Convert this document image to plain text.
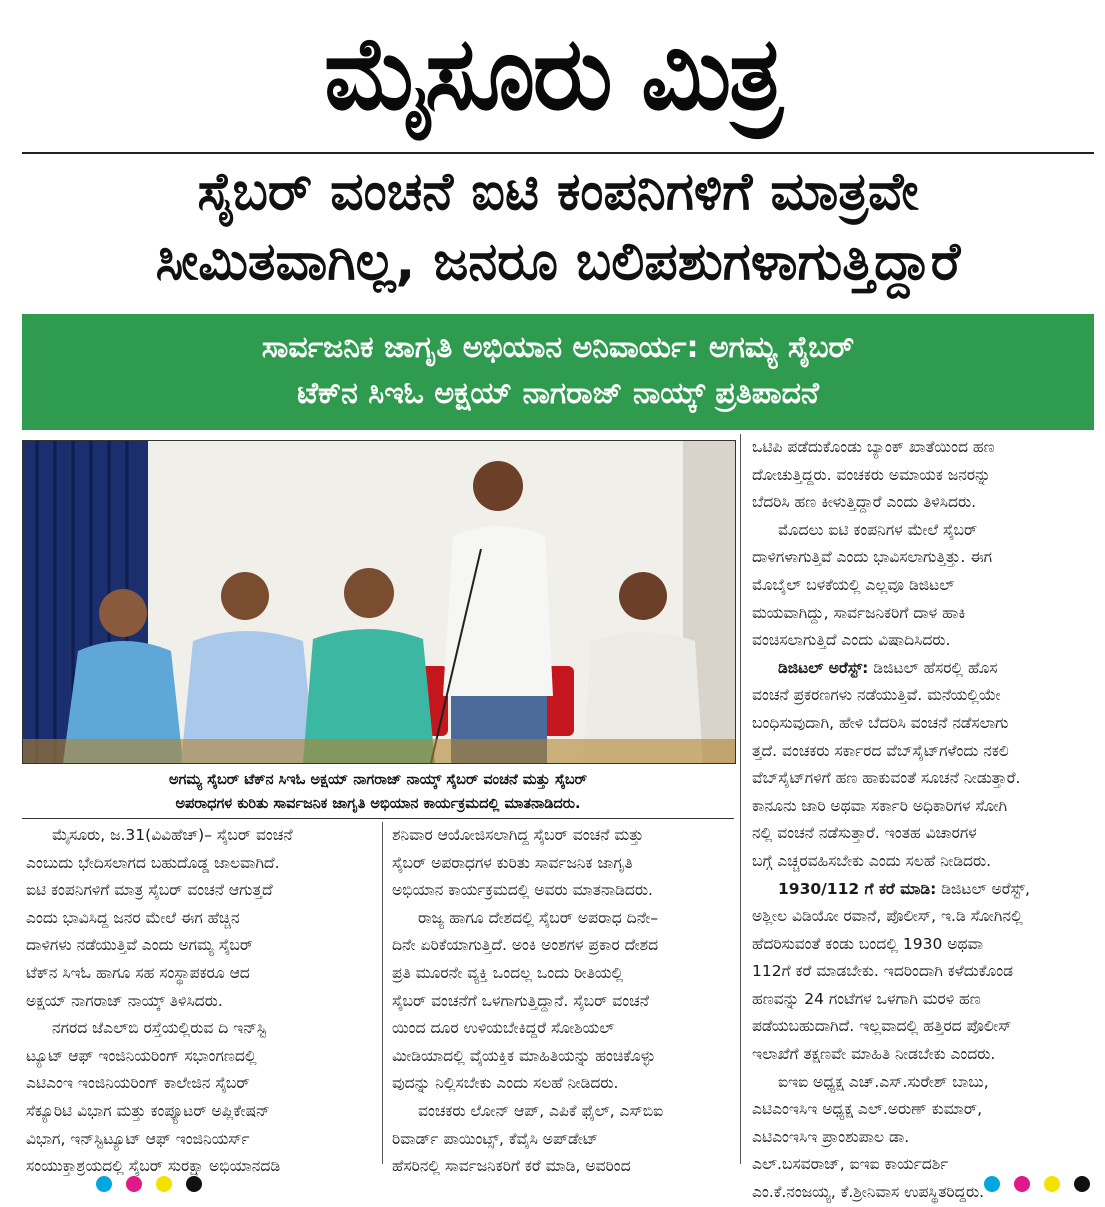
ಮೈಸೂರು ಮಿತ್ರ
ಸೈಬರ್ ವಂಚನೆ ಐಟಿ ಕಂಪನಿಗಳಿಗೆ ಮಾತ್ರವೇ
ಸೀಮಿತವಾಗಿಲ್ಲ, ಜನರೂ ಬಲಿಪಶುಗಳಾಗುತ್ತಿದ್ದಾರೆ
ಸಾರ್ವಜನಿಕ ಜಾಗೃತಿ ಅಭಿಯಾನ ಅನಿವಾರ್ಯ: ಅಗಮ್ಯ ಸೈಬರ್
ಟೆಕ್‌ನ ಸಿಇಓ ಅಕ್ಷಯ್ ನಾಗರಾಜ್ ನಾಯ್ಕ್ ಪ್ರತಿಪಾದನೆ
ಅಗಮ್ಯ ಸೈಬರ್ ಟೆಕ್‌ನ ಸಿಇಓ ಅಕ್ಷಯ್ ನಾಗರಾಜ್ ನಾಯ್ಕ್ ಸೈಬರ್ ವಂಚನೆ ಮತ್ತು ಸೈಬರ್
ಅಪರಾಧಗಳ ಕುರಿತು ಸಾರ್ವಜನಿಕ ಜಾಗೃತಿ ಅಭಿಯಾನ ಕಾರ್ಯಕ್ರಮದಲ್ಲಿ ಮಾತನಾಡಿದರು.

ಒಟಿಪಿ ಪಡೆದುಕೊಂಡು ಬ್ಯಾಂಕ್ ಖಾತೆಯಿಂದ ಹಣ

ದೋಚುತ್ತಿದ್ದರು. ವಂಚಕರು ಅಮಾಯಕ ಜನರನ್ನು

ಬೆದರಿಸಿ ಹಣ ಕೀಳುತ್ತಿದ್ದಾರೆ ಎಂದು ತಿಳಿಸಿದರು.

ಮೊದಲು ಐಟಿ ಕಂಪನಿಗಳ ಮೇಲೆ ಸೈಬರ್

ದಾಳಿಗಳಾಗುತ್ತಿವೆ ಎಂದು ಭಾವಿಸಲಾಗುತ್ತಿತ್ತು. ಈಗ

ಮೊಬೈಲ್ ಬಳಕೆಯಲ್ಲಿ ಎಲ್ಲವೂ ಡಿಜಿಟಲ್

ಮಯವಾಗಿದ್ದು, ಸಾರ್ವಜನಿಕರಿಗೆ ದಾಳ ಹಾಕಿ

ವಂಚಿಸಲಾಗುತ್ತಿದೆ ಎಂದು ವಿಷಾದಿಸಿದರು.

ಡಿಜಿಟಲ್ ಅರೆಸ್ಟ್: ಡಿಜಿಟಲ್ ಹೆಸರಲ್ಲಿ ಹೊಸ

ವಂಚನೆ ಪ್ರಕರಣಗಳು ನಡೆಯುತ್ತಿವೆ. ಮನೆಯಲ್ಲಿಯೇ

ಬಂಧಿಸುವುದಾಗಿ, ಹೇಳಿ ಬೆದರಿಸಿ ವಂಚನೆ ನಡೆಸಲಾಗು

ತ್ತದೆ. ವಂಚಕರು ಸರ್ಕಾರದ ವೆಬ್‌ಸೈಟ್‌ಗಳೆಂದು ನಕಲಿ

ವೆಬ್‌ಸೈಟ್‌ಗಳಿಗೆ ಹಣ ಹಾಕುವಂತೆ ಸೂಚನೆ ನೀಡುತ್ತಾರೆ.

ಕಾನೂನು ಜಾರಿ ಅಥವಾ ಸರ್ಕಾರಿ ಅಧಿಕಾರಿಗಳ ಸೋಗಿ

ನಲ್ಲಿ ವಂಚನೆ ನಡೆಸುತ್ತಾರೆ. ಇಂತಹ ವಿಚಾರಗಳ

ಬಗ್ಗೆ ಎಚ್ಚರವಹಿಸಬೇಕು ಎಂದು ಸಲಹೆ ನೀಡಿದರು.

1930/112 ಗೆ ಕರೆ ಮಾಡಿ: ಡಿಜಿಟಲ್ ಅರೆಸ್ಟ್,

ಅಶ್ಲೀಲ ವಿಡಿಯೋ ರವಾನೆ, ಪೊಲೀಸ್, ಇ.ಡಿ ಸೋಗಿನಲ್ಲಿ

ಹೆದರಿಸುವಂತೆ ಕಂಡು ಬಂದಲ್ಲಿ 1930 ಅಥವಾ

112ಗೆ ಕರೆ ಮಾಡಬೇಕು. ಇದರಿಂದಾಗಿ ಕಳೆದುಕೊಂಡ

ಹಣವನ್ನು 24 ಗಂಟೆಗಳ ಒಳಗಾಗಿ ಮರಳಿ ಹಣ

ಪಡೆಯಬಹುದಾಗಿದೆ. ಇಲ್ಲವಾದಲ್ಲಿ ಹತ್ತಿರದ ಪೊಲೀಸ್

ಇಲಾಖೆಗೆ ತಕ್ಷಣವೇ ಮಾಹಿತಿ ನೀಡಬೇಕು ಎಂದರು.

ಐಇಐ ಅಧ್ಯಕ್ಷ ಎಚ್.ಎಸ್.ಸುರೇಶ್ ಬಾಬು,

ಎಟಿಎಂಇಸಿಇ ಅಧ್ಯಕ್ಷ ಎಲ್.ಅರುಣ್ ಕುಮಾರ್,

ಎಟಿಎಂಇಸಿಇ ಪ್ರಾಂಶುಪಾಲ ಡಾ.

ಎಲ್.ಬಸವರಾಜ್, ಐಇಐ ಕಾರ್ಯದರ್ಶಿ

ಎಂ.ಕೆ.ನಂಜಯ್ಯ, ಕೆ.ಶ್ರೀನಿವಾಸ ಉಪಸ್ಥಿತರಿದ್ದರು.

ಮೈಸೂರು, ಜ.31(ವಿವಿಹೆಚ್)– ಸೈಬರ್ ವಂಚನೆ

ಎಂಬುದು ಭೇದಿಸಲಾಗದ ಬಹುದೊಡ್ಡ ಜಾಲವಾಗಿದೆ.

ಐಟಿ ಕಂಪನಿಗಳಿಗೆ ಮಾತ್ರ ಸೈಬರ್ ವಂಚನೆ ಆಗುತ್ತದೆ

ಎಂದು ಭಾವಿಸಿದ್ದ ಜನರ ಮೇಲೆ ಈಗ ಹೆಚ್ಚಿನ

ದಾಳಿಗಳು ನಡೆಯುತ್ತಿವೆ ಎಂದು ಅಗಮ್ಯ ಸೈಬರ್

ಟೆಕ್‌ನ ಸಿಇಓ ಹಾಗೂ ಸಹ ಸಂಸ್ಥಾಪಕರೂ ಆದ

ಅಕ್ಷಯ್ ನಾಗರಾಜ್ ನಾಯ್ಕ್ ತಿಳಿಸಿದರು.

ನಗರದ ಜೆಎಲ್‌ಬಿ ರಸ್ತೆಯಲ್ಲಿರುವ ದಿ ಇನ್‌ಸ್ಟಿ

ಟ್ಯೂಟ್ ಆಫ್ ಇಂಜಿನಿಯರಿಂಗ್ ಸಭಾಂಗಣದಲ್ಲಿ

ಎಟಿಎಂಇ ಇಂಜಿನಿಯರಿಂಗ್ ಕಾಲೇಜಿನ ಸೈಬರ್

ಸೆಕ್ಯೂರಿಟಿ ವಿಭಾಗ ಮತ್ತು ಕಂಪ್ಯೂಟರ್ ಅಪ್ಲಿಕೇಷನ್

ವಿಭಾಗ, ಇನ್‌ಸ್ಟಿಟ್ಯೂಟ್ ಆಫ್ ಇಂಜಿನಿಯರ್ಸ್

ಸಂಯುಕ್ತಾಶ್ರಯದಲ್ಲಿ ಸೈಬರ್ ಸುರಕ್ಷಾ ಅಭಿಯಾನದಡಿ

ಶನಿವಾರ ಆಯೋಜಿಸಲಾಗಿದ್ದ ಸೈಬರ್ ವಂಚನೆ ಮತ್ತು

ಸೈಬರ್ ಅಪರಾಧಗಳ ಕುರಿತು ಸಾರ್ವಜನಿಕ ಜಾಗೃತಿ

ಅಭಿಯಾನ ಕಾರ್ಯಕ್ರಮದಲ್ಲಿ ಅವರು ಮಾತನಾಡಿದರು.

ರಾಜ್ಯ ಹಾಗೂ ದೇಶದಲ್ಲಿ ಸೈಬರ್ ಅಪರಾಧ ದಿನೇ–

ದಿನೇ ಏರಿಕೆಯಾಗುತ್ತಿದೆ. ಅಂಕಿ ಅಂಶಗಳ ಪ್ರಕಾರ ದೇಶದ

ಪ್ರತಿ ಮೂರನೇ ವ್ಯಕ್ತಿ ಒಂದಲ್ಲ ಒಂದು ರೀತಿಯಲ್ಲಿ

ಸೈಬರ್ ವಂಚನೆಗೆ ಒಳಗಾಗುತ್ತಿದ್ದಾನೆ. ಸೈಬರ್ ವಂಚನೆ

ಯಿಂದ ದೂರ ಉಳಿಯಬೇಕಿದ್ದರೆ ಸೋಶಿಯಲ್

ಮೀಡಿಯಾದಲ್ಲಿ ವೈಯಕ್ತಿಕ ಮಾಹಿತಿಯನ್ನು ಹಂಚಿಕೊಳ್ಳು

ವುದನ್ನು ನಿಲ್ಲಿಸಬೇಕು ಎಂದು ಸಲಹೆ ನೀಡಿದರು.

ವಂಚಕರು ಲೋನ್ ಆಪ್, ಎಪಿಕೆ ಫೈಲ್, ಎಸ್‌ಬಿಐ

ರಿವಾರ್ಡ್ ಪಾಯಿಂಟ್ಸ್, ಕೆವೈಸಿ ಅಪ್‌ಡೇಟ್

ಹೆಸರಿನಲ್ಲಿ ಸಾರ್ವಜನಿಕರಿಗೆ ಕರೆ ಮಾಡಿ, ಅವರಿಂದ
